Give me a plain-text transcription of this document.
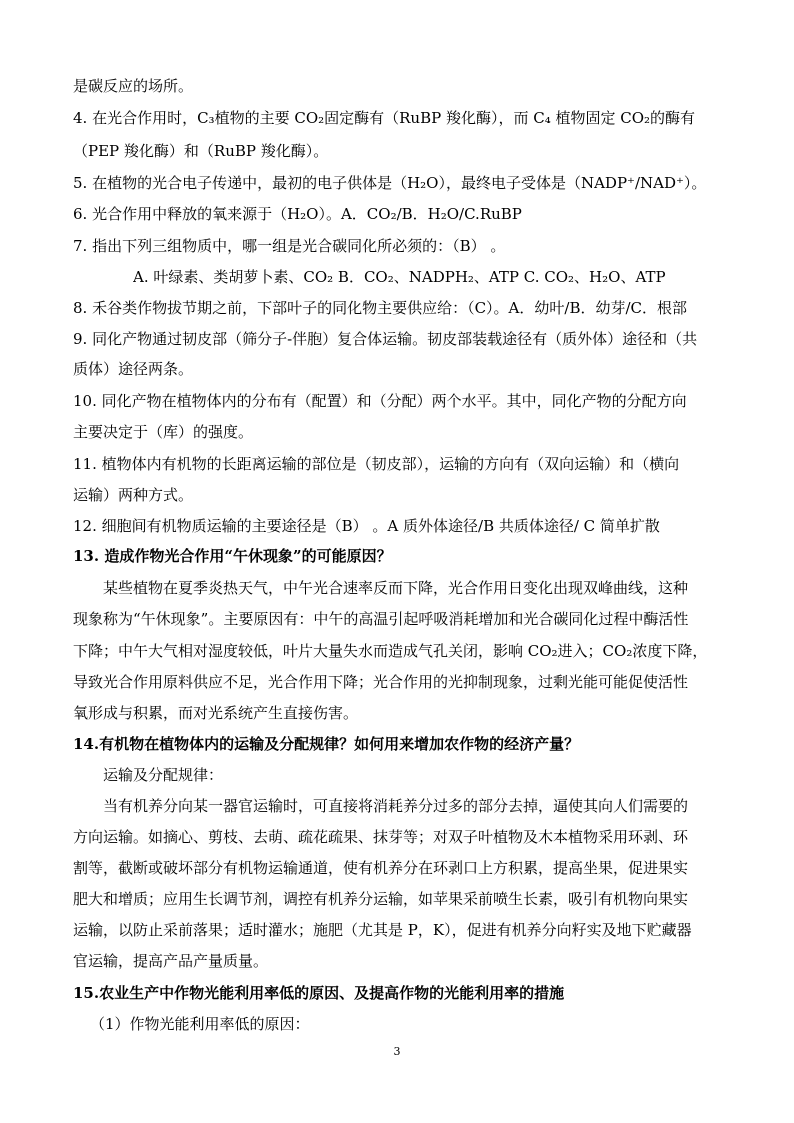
是碳反应的场所。
4. 在光合作用时，C₃植物的主要 CO₂固定酶有（RuBP 羧化酶），而 C₄ 植物固定 CO₂的酶有
（PEP 羧化酶）和（RuBP 羧化酶）。
5. 在植物的光合电子传递中，最初的电子供体是（H₂O），最终电子受体是（NADP⁺/NAD⁺）。
6. 光合作用中释放的氧来源于（H₂O）。A．CO₂/B．H₂O/C.RuBP
7. 指出下列三组物质中，哪一组是光合碳同化所必须的：（B） 。
A. 叶绿素、类胡萝卜素、CO₂ B．CO₂、NADPH₂、ATP C. CO₂、H₂O、ATP
8. 禾谷类作物拔节期之前，下部叶子的同化物主要供应给：（C）。A．幼叶/B．幼芽/C．根部
9. 同化产物通过韧皮部（筛分子-伴胞）复合体运输。韧皮部装载途径有（质外体）途径和（共
质体）途径两条。
10. 同化产物在植物体内的分布有（配置）和（分配）两个水平。其中，同化产物的分配方向
主要决定于（库）的强度。
11. 植物体内有机物的长距离运输的部位是（韧皮部），运输的方向有（双向运输）和（横向
运输）两种方式。
12. 细胞间有机物质运输的主要途径是（B） 。A 质外体途径/B 共质体途径/ C 简单扩散
13. 造成作物光合作用“午休现象”的可能原因？
某些植物在夏季炎热天气，中午光合速率反而下降，光合作用日变化出现双峰曲线，这种
现象称为“午休现象”。主要原因有：中午的高温引起呼吸消耗增加和光合碳同化过程中酶活性
下降；中午大气相对湿度较低，叶片大量失水而造成气孔关闭，影响 CO₂进入；CO₂浓度下降，
导致光合作用原料供应不足，光合作用下降；光合作用的光抑制现象，过剩光能可能促使活性
氧形成与积累，而对光系统产生直接伤害。
14.有机物在植物体内的运输及分配规律？如何用来增加农作物的经济产量？
运输及分配规律：
当有机养分向某一器官运输时，可直接将消耗养分过多的部分去掉，逼使其向人们需要的
方向运输。如摘心、剪枝、去萌、疏花疏果、抹芽等；对双子叶植物及木本植物采用环剥、环
割等，截断或破坏部分有机物运输通道，使有机养分在环剥口上方积累，提高坐果，促进果实
肥大和增质；应用生长调节剂，调控有机养分运输，如苹果采前喷生长素，吸引有机物向果实
运输，以防止采前落果；适时灌水；施肥（尤其是 P，K），促进有机养分向籽实及地下贮藏器
官运输，提高产品产量质量。
15.农业生产中作物光能利用率低的原因、及提高作物的光能利用率的措施
（1）作物光能利用率低的原因：
3
